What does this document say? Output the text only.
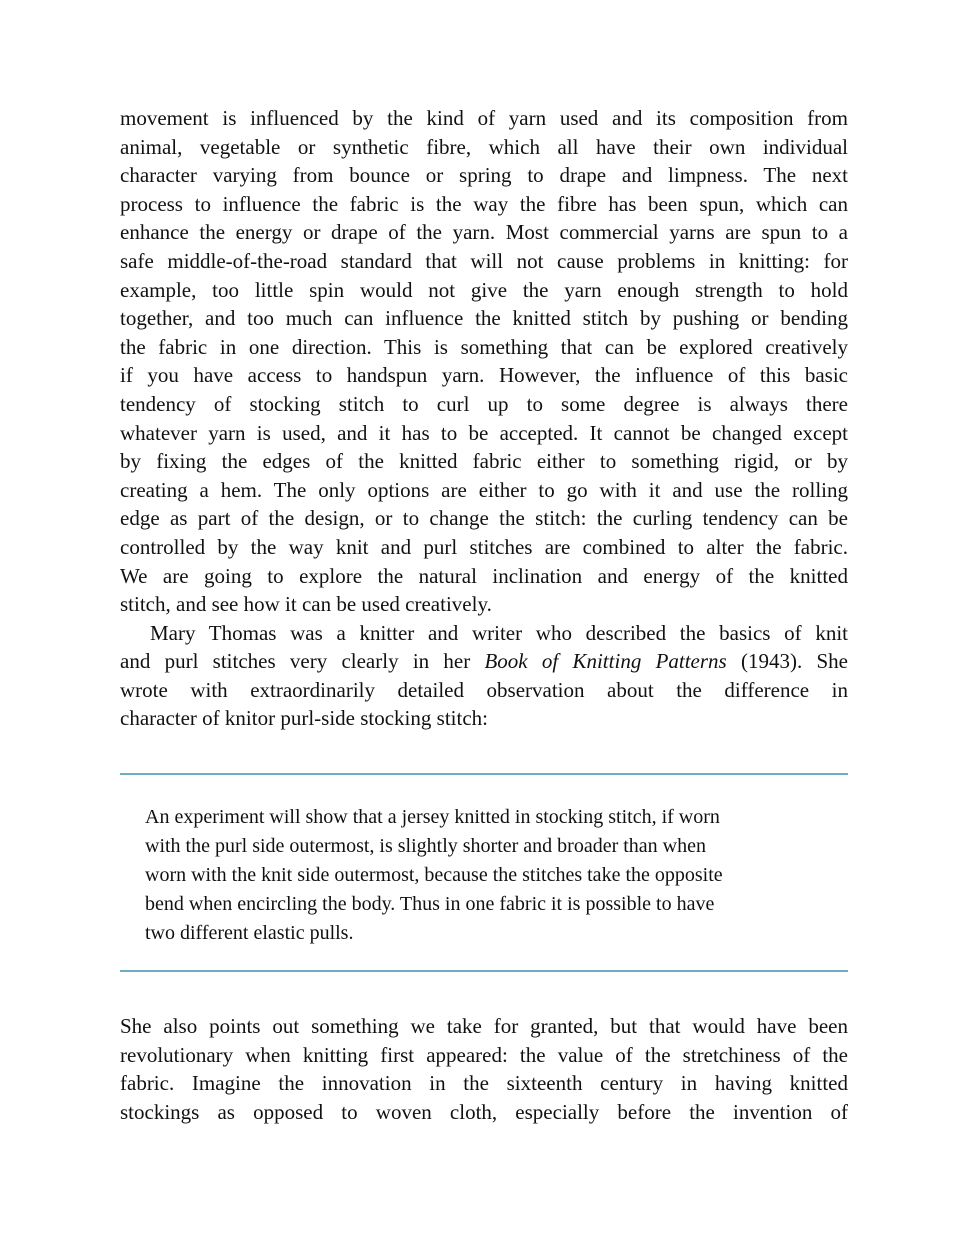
movement is influenced by the kind of yarn used and its composition from
animal, vegetable or synthetic fibre, which all have their own individual
character varying from bounce or spring to drape and limpness. The next
process to influence the fabric is the way the fibre has been spun, which can
enhance the energy or drape of the yarn. Most commercial yarns are spun to a
safe middle-of-the-road standard that will not cause problems in knitting: for
example, too little spin would not give the yarn enough strength to hold
together, and too much can influence the knitted stitch by pushing or bending
the fabric in one direction. This is something that can be explored creatively
if you have access to handspun yarn. However, the influence of this basic
tendency of stocking stitch to curl up to some degree is always there
whatever yarn is used, and it has to be accepted. It cannot be changed except
by fixing the edges of the knitted fabric either to something rigid, or by
creating a hem. The only options are either to go with it and use the rolling
edge as part of the design, or to change the stitch: the curling tendency can be
controlled by the way knit and purl stitches are combined to alter the fabric.
We are going to explore the natural inclination and energy of the knitted
stitch, and see how it can be used creatively.
Mary Thomas was a knitter and writer who described the basics of knit
and purl stitches very clearly in her Book of Knitting Patterns (1943). She
wrote with extraordinarily detailed observation about the difference in
character of knitor purl-side stocking stitch:
An experiment will show that a jersey knitted in stocking stitch, if worn
with the purl side outermost, is slightly shorter and broader than when
worn with the knit side outermost, because the stitches take the opposite
bend when encircling the body. Thus in one fabric it is possible to have
two different elastic pulls.
She also points out something we take for granted, but that would have been
revolutionary when knitting first appeared: the value of the stretchiness of the
fabric. Imagine the innovation in the sixteenth century in having knitted
stockings as opposed to woven cloth, especially before the invention of
